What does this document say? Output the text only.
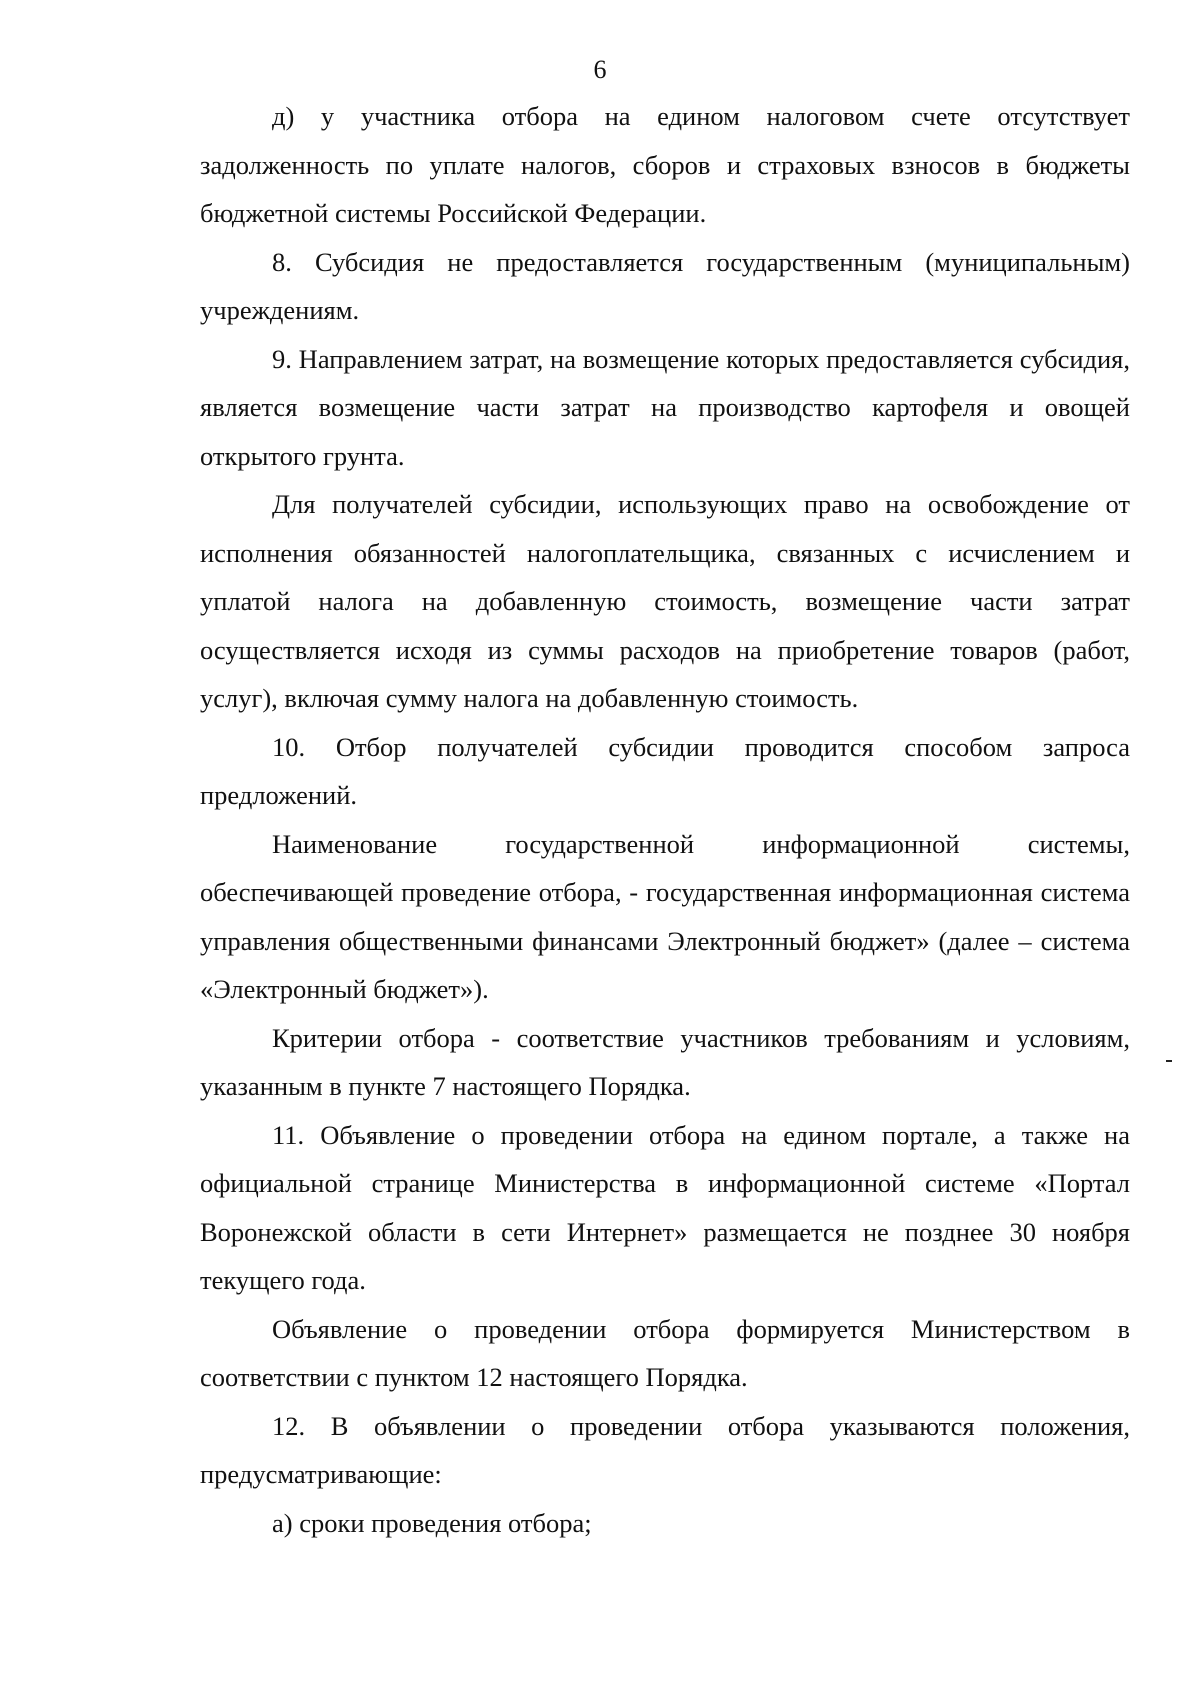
6

д) у участника отбора на едином налоговом счете отсутствует задолженность по уплате налогов, сборов и страховых взносов в бюджеты бюджетной системы Российской Федерации.

8. Субсидия не предоставляется государственным (муниципальным) учреждениям.

9. Направлением затрат, на возмещение которых предоставляется субсидия, является возмещение части затрат на производство картофеля и овощей открытого грунта.

Для получателей субсидии, использующих право на освобождение от исполнения обязанностей налогоплательщика, связанных с исчислением и уплатой налога на добавленную стоимость, возмещение части затрат осуществляется исходя из суммы расходов на приобретение товаров (работ, услуг), включая сумму налога на добавленную стоимость.

10. Отбор получателей субсидии проводится способом запроса предложений.

Наименование государственной информационной системы, обеспечивающей проведение отбора, - государственная информационная система управления общественными финансами Электронный бюджет» (далее – система «Электронный бюджет»).

Критерии отбора - соответствие участников требованиям и условиям, указанным в пункте 7 настоящего Порядка.

11. Объявление о проведении отбора на едином портале, а также на официальной странице Министерства в информационной системе «Портал Воронежской области в сети Интернет» размещается не позднее 30 ноября текущего года.

Объявление о проведении отбора формируется Министерством в соответствии с пунктом 12 настоящего Порядка.

12. В объявлении о проведении отбора указываются положения, предусматривающие:

а) сроки проведения отбора;
